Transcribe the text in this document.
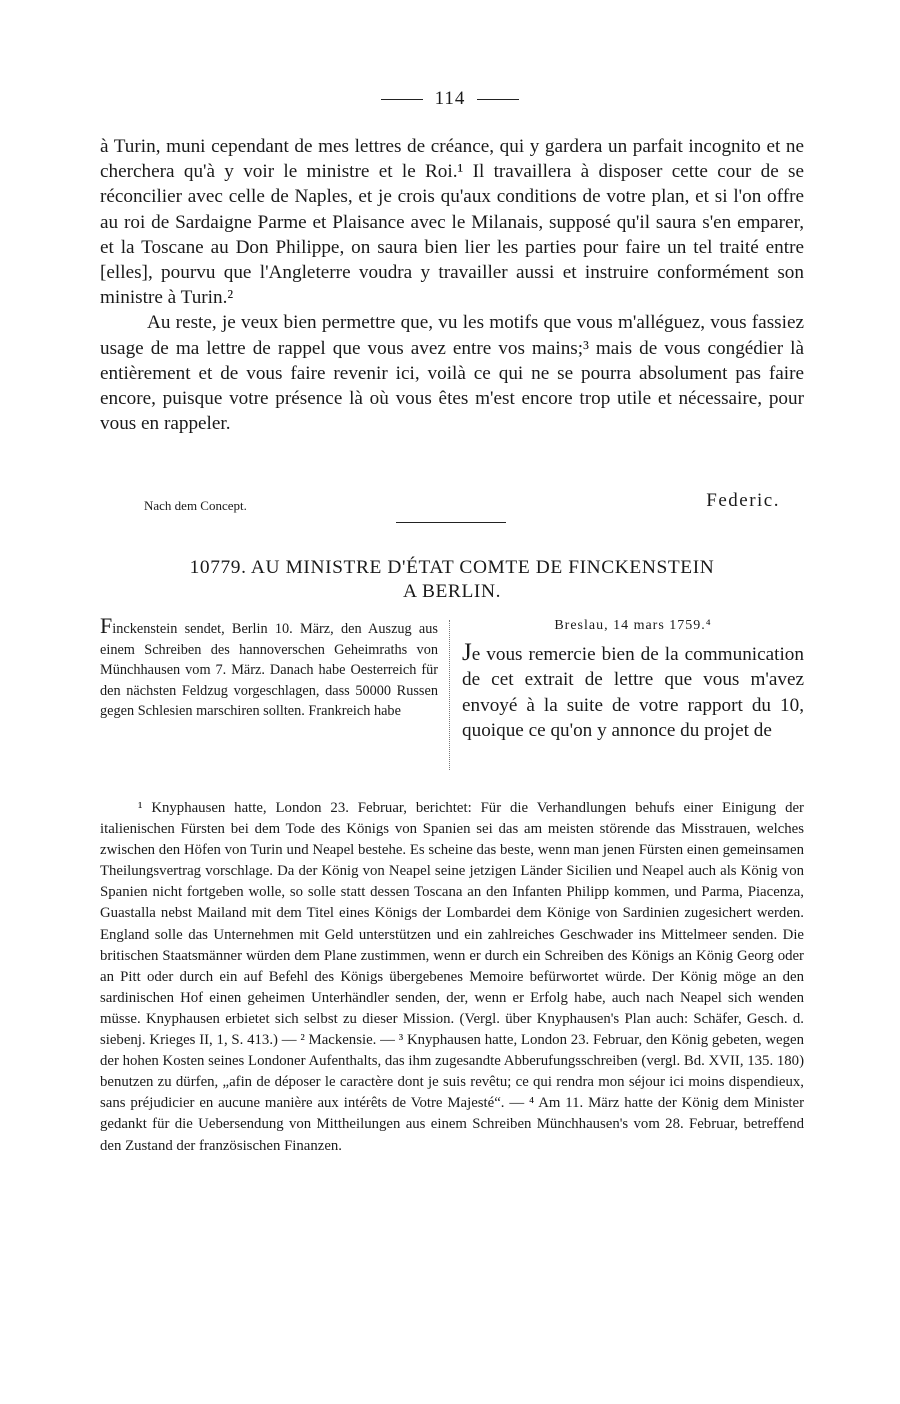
114

à Turin, muni cependant de mes lettres de créance, qui y gardera un parfait incognito et ne cherchera qu'à y voir le ministre et le Roi.¹ Il travaillera à disposer cette cour de se réconcilier avec celle de Naples, et je crois qu'aux conditions de votre plan, et si l'on offre au roi de Sardaigne Parme et Plaisance avec le Milanais, supposé qu'il saura s'en emparer, et la Toscane au Don Philippe, on saura bien lier les parties pour faire un tel traité entre [elles], pourvu que l'Angleterre voudra y travailler aussi et instruire conformément son ministre à Turin.²

Au reste, je veux bien permettre que, vu les motifs que vous m'alléguez, vous fassiez usage de ma lettre de rappel que vous avez entre vos mains;³ mais de vous congédier là entièrement et de vous faire revenir ici, voilà ce qui ne se pourra absolument pas faire encore, puisque votre présence là où vous êtes m'est encore trop utile et nécessaire, pour vous en rappeler.

Nach dem Concept.	Federic.
10779. AU MINISTRE D'ÉTAT COMTE DE FINCKENSTEIN
A BERLIN.
Finckenstein sendet, Berlin 10. März, den Auszug aus einem Schreiben des hannoverschen Geheimraths von Münchhausen vom 7. März. Danach habe Oesterreich für den nächsten Feldzug vorgeschlagen, dass 50000 Russen gegen Schlesien marschiren sollten. Frankreich habe
Breslau, 14 mars 1759.⁴
Je vous remercie bien de la communication de cet extrait de lettre que vous m'avez envoyé à la suite de votre rapport du 10, quoique ce qu'on y annonce du projet de

¹ Knyphausen hatte, London 23. Februar, berichtet: Für die Verhandlungen behufs einer Einigung der italienischen Fürsten bei dem Tode des Königs von Spanien sei das am meisten störende das Misstrauen, welches zwischen den Höfen von Turin und Neapel bestehe. Es scheine das beste, wenn man jenen Fürsten einen gemeinsamen Theilungsvertrag vorschlage. Da der König von Neapel seine jetzigen Länder Sicilien und Neapel auch als König von Spanien nicht fortgeben wolle, so solle statt dessen Toscana an den Infanten Philipp kommen, und Parma, Piacenza, Guastalla nebst Mailand mit dem Titel eines Königs der Lombardei dem Könige von Sardinien zugesichert werden. England solle das Unternehmen mit Geld unterstützen und ein zahlreiches Geschwader ins Mittelmeer senden. Die britischen Staatsmänner würden dem Plane zustimmen, wenn er durch ein Schreiben des Königs an König Georg oder an Pitt oder durch ein auf Befehl des Königs übergebenes Memoire befürwortet würde. Der König möge an den sardinischen Hof einen geheimen Unterhändler senden, der, wenn er Erfolg habe, auch nach Neapel sich wenden müsse. Knyphausen erbietet sich selbst zu dieser Mission. (Vergl. über Knyphausen's Plan auch: Schäfer, Gesch. d. siebenj. Krieges II, 1, S. 413.) — ² Mackensie. — ³ Knyphausen hatte, London 23. Februar, den König gebeten, wegen der hohen Kosten seines Londoner Aufenthalts, das ihm zugesandte Abberufungsschreiben (vergl. Bd. XVII, 135. 180) benutzen zu dürfen, „afin de déposer le caractère dont je suis revêtu; ce qui rendra mon séjour ici moins dispendieux, sans préjudicier en aucune manière aux intérêts de Votre Majesté“. — ⁴ Am 11. März hatte der König dem Minister gedankt für die Uebersendung von Mittheilungen aus einem Schreiben Münchhausen's vom 28. Februar, betreffend den Zustand der französischen Finanzen.
